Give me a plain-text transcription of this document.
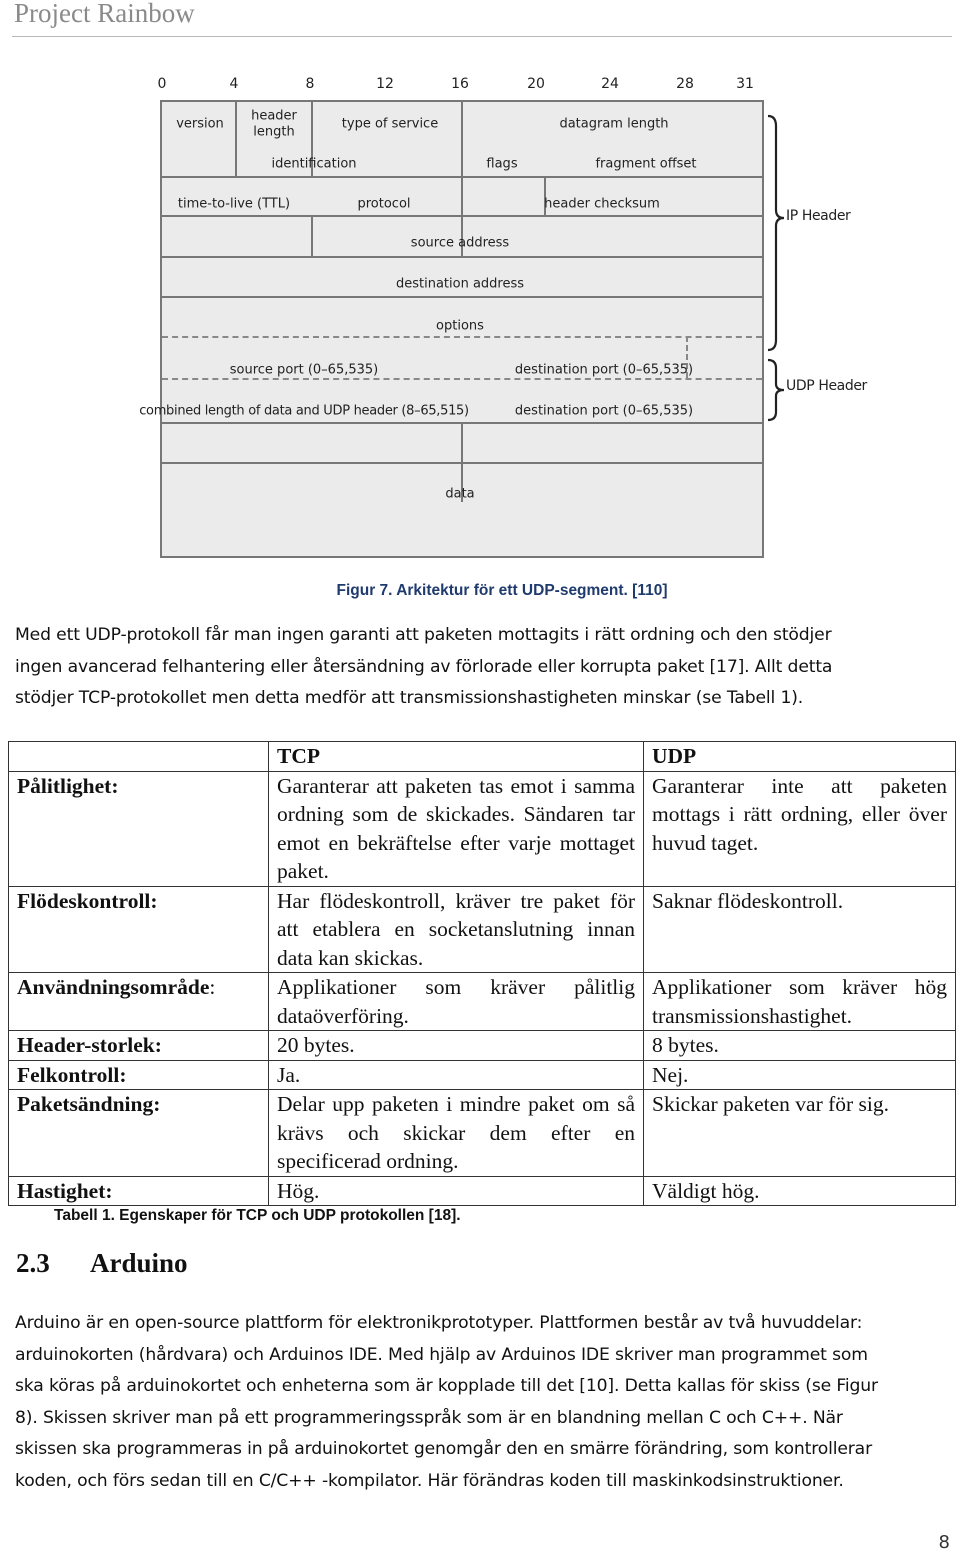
Project Rainbow
0	4	8	12	16	20	24	28	31
version
header
length
type of service	datagram length
identification	flags	fragment offset
time-to-live (TTL)	protocol	header checksum
source address
destination address
options
source port (0–65,535)	destination port (0–65,535)
combined length of data and UDP header (8–65,515)	destination port (0–65,535)
data
IP Header
UDP Header
Figur 7. Arkitektur för ett UDP-segment. [110]

Med ett UDP-protokoll får man ingen garanti att paketen mottagits i rätt ordning och den stödjer

ingen avancerad felhantering eller återsändning av förlorade eller korrupta paket [17]. Allt detta

stödjer TCP-protokollet men detta medför att transmissionshastigheten minskar (se Tabell 1).

	TCP	UDP
Pålitlighet:	Garanterar att paketen tas emot i samma ordning som de skickades. Sändaren tar emot en bekräftelse efter varje mottaget paket.	Garanterar inte att paketen mottags i rätt ordning, eller över huvud taget.
Flödeskontroll:	Har flödeskontroll, kräver tre paket för att etablera en socketanslutning innan data kan skickas.	Saknar flödeskontroll.
Användningsområde:	Applikationer som kräver pålitlig dataöverföring.	Applikationer som kräver hög transmissionshastighet.
Header-storlek:	20 bytes.	8 bytes.
Felkontroll:	Ja.	Nej.
Paketsändning:	Delar upp paketen i mindre paket om så krävs och skickar dem efter en specificerad ordning.	Skickar paketen var för sig.
Hastighet:	Hög.	Väldigt hög.
Tabell 1. Egenskaper för TCP och UDP protokollen [18].
2.3 Arduino

Arduino är en open-source plattform för elektronikprototyper. Plattformen består av två huvuddelar:

arduinokorten (hårdvara) och Arduinos IDE. Med hjälp av Arduinos IDE skriver man programmet som

ska köras på arduinokortet och enheterna som är kopplade till det [10]. Detta kallas för skiss (se Figur

8). Skissen skriver man på ett programmeringsspråk som är en blandning mellan C och C++. När

skissen ska programmeras in på arduinokortet genomgår den en smärre förändring, som kontrollerar

koden, och förs sedan till en C/C++ -kompilator. Här förändras koden till maskinkodsinstruktioner.

8
